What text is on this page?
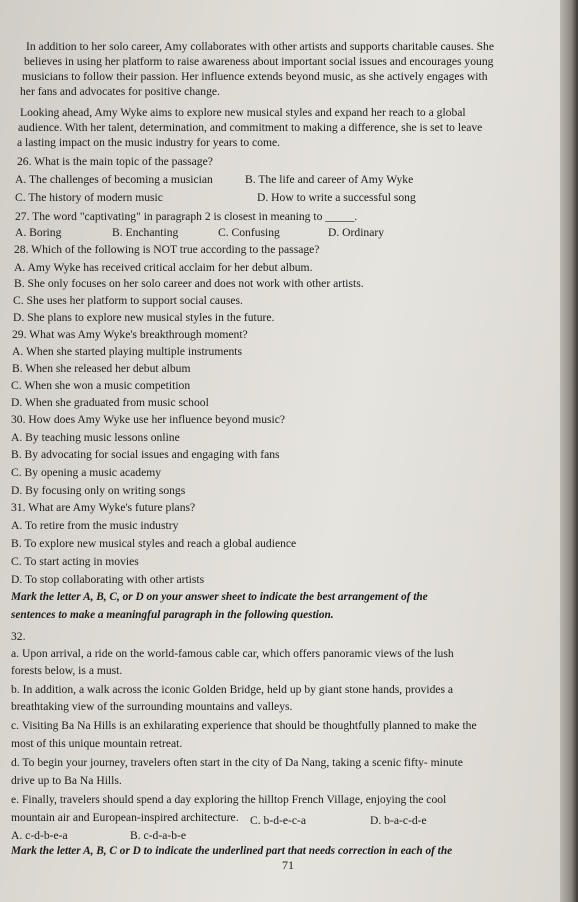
In addition to her solo career, Amy collaborates with other artists and supports charitable causes. She
believes in using her platform to raise awareness about important social issues and encourages young
musicians to follow their passion. Her influence extends beyond music, as she actively engages with
her fans and advocates for positive change.
Looking ahead, Amy Wyke aims to explore new musical styles and expand her reach to a global
audience. With her talent, determination, and commitment to making a difference, she is set to leave
a lasting impact on the music industry for years to come.
26. What is the main topic of the passage?
A. The challenges of becoming a musician	B. The life and career of Amy Wyke
C. The history of modern music	D. How to write a successful song
27. The word "captivating" in paragraph 2 is closest in meaning to _____.
A. Boring	B. Enchanting	C. Confusing	D. Ordinary
28. Which of the following is NOT true according to the passage?
A. Amy Wyke has received critical acclaim for her debut album.
B. She only focuses on her solo career and does not work with other artists.
C. She uses her platform to support social causes.
D. She plans to explore new musical styles in the future.
29. What was Amy Wyke's breakthrough moment?
A. When she started playing multiple instruments
B. When she released her debut album
C. When she won a music competition
D. When she graduated from music school
30. How does Amy Wyke use her influence beyond music?
A. By teaching music lessons online
B. By advocating for social issues and engaging with fans
C. By opening a music academy
D. By focusing only on writing songs
31. What are Amy Wyke's future plans?
A. To retire from the music industry
B. To explore new musical styles and reach a global audience
C. To start acting in movies
D. To stop collaborating with other artists
Mark the letter A, B, C, or D on your answer sheet to indicate the best arrangement of the
sentences to make a meaningful paragraph in the following question.
32.
a. Upon arrival, a ride on the world-famous cable car, which offers panoramic views of the lush
forests below, is a must.
b. In addition, a walk across the iconic Golden Bridge, held up by giant stone hands, provides a
breathtaking view of the surrounding mountains and valleys.
c. Visiting Ba Na Hills is an exhilarating experience that should be thoughtfully planned to make the
most of this unique mountain retreat.
d. To begin your journey, travelers often start in the city of Da Nang, taking a scenic fifty- minute
drive up to Ba Na Hills.
e. Finally, travelers should spend a day exploring the hilltop French Village, enjoying the cool
mountain air and European-inspired architecture.
A. c-d-b-e-a	B. c-d-a-b-e
C. b-d-e-c-a	D. b-a-c-d-e
Mark the letter A, B, C or D to indicate the underlined part that needs correction in each of the
71
